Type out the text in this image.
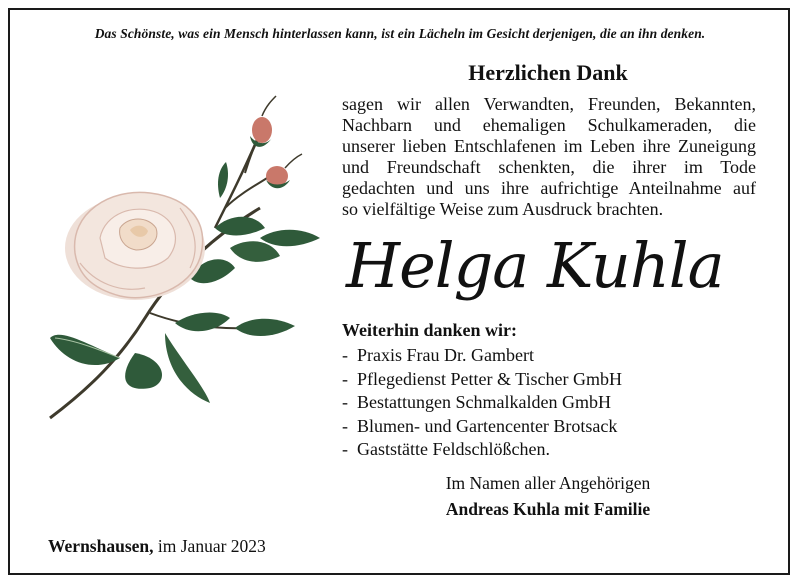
Das Schönste, was ein Mensch hinterlassen kann, ist ein Lächeln im Gesicht derjenigen, die an ihn denken.
Herzlichen Dank
sagen wir allen Verwandten, Freunden, Bekannten,
Nachbarn und ehemaligen Schulkameraden, die
unserer lieben Entschlafenen im Leben ihre Zuneigung
und Freundschaft schenkten, die ihrer im Tode
gedachten und uns ihre aufrichtige Anteilnahme auf
so vielfältige Weise zum Ausdruck brachten.
Helga Kuhla
Weiterhin danken wir:
- Praxis Frau Dr. Gambert
- Pflegedienst Petter & Tischer GmbH
- Bestattungen Schmalkalden GmbH
- Blumen- und Gartencenter Brotsack
- Gaststätte Feldschlößchen.
Im Namen aller Angehörigen
Andreas Kuhla mit Familie
Wernshausen, im Januar 2023
